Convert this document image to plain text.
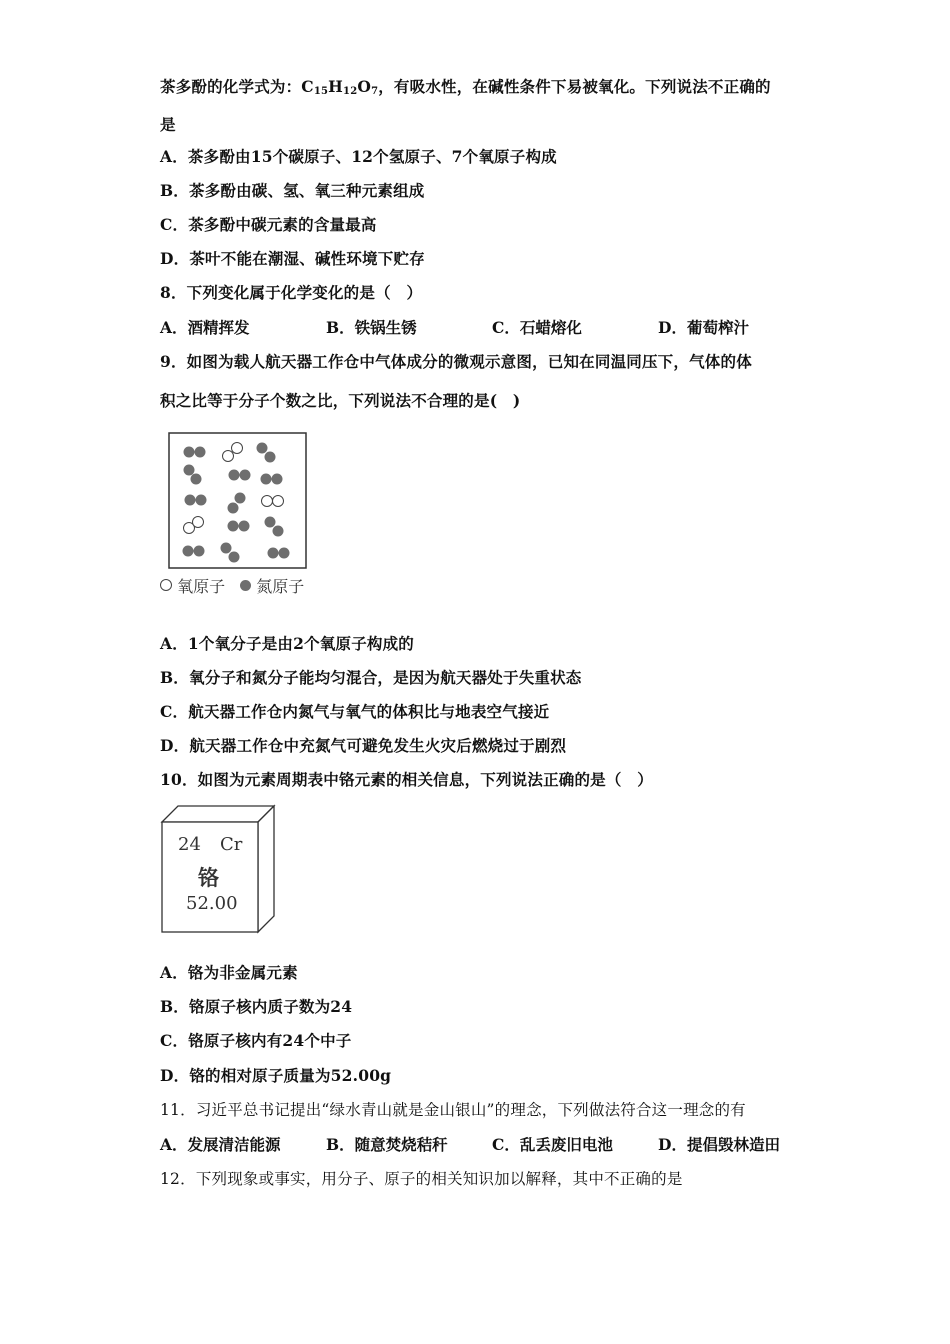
茶多酚的化学式为：$C_{15}H_{12}O_7$，有吸水性，在碱性条件下易被氧化。下列说法不正确的
是
A．茶多酚由15个碳原子、12个氢原子、7个氧原子构成
B．茶多酚由碳、氢、氧三种元素组成
C．茶多酚中碳元素的含量最高
D．茶叶不能在潮湿、碱性环境下贮存
8．下列变化属于化学变化的是（　）
A．酒精挥发	B．铁锅生锈	C．石蜡熔化	D．葡萄榨汁
9．如图为载人航天器工作仓中气体成分的微观示意图，已知在同温同压下，气体的体
积之比等于分子个数之比，下列说法不合理的是(　)
氧原子 氮原子
A．1个氧分子是由2个氧原子构成的
B．氧分子和氮分子能均匀混合，是因为航天器处于失重状态
C．航天器工作仓内氮气与氧气的体积比与地表空气接近
D．航天器工作仓中充氮气可避免发生火灾后燃烧过于剧烈
10．如图为元素周期表中铬元素的相关信息，下列说法正确的是（　）
24 Cr
铬
52.00
A．铬为非金属元素
B．铬原子核内质子数为24
C．铬原子核内有24个中子
D．铬的相对原子质量为52.00g
11．习近平总书记提出“绿水青山就是金山银山”的理念，下列做法符合这一理念的有
A．发展清洁能源	B．随意焚烧秸秆	C．乱丢废旧电池	D．提倡毁林造田
12．下列现象或事实，用分子、原子的相关知识加以解释，其中不正确的是
